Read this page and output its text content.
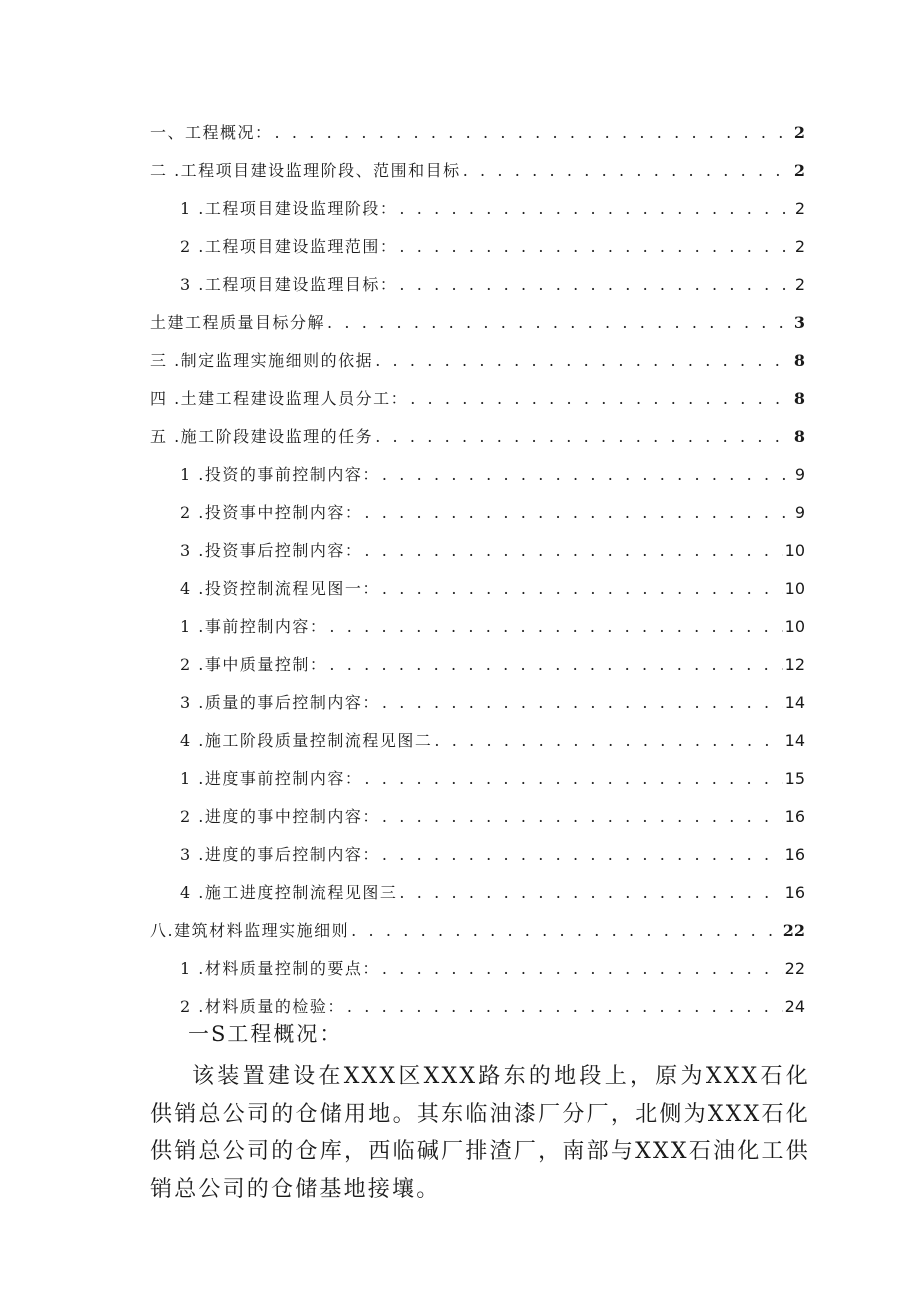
一、工程概况： . . .	2
二 .工程项目建设监理阶段、范围和目标 . . .	2
1 .工程项目建设监理阶段： . . .	2
2 .工程项目建设监理范围： . . .	2
3 .工程项目建设监理目标： . . .	2
土建工程质量目标分解 . . .	3
三 .制定监理实施细则的依据 . . .	8
四 .土建工程建设监理人员分工： . . .	8
五 .施工阶段建设监理的任务 . . .	8
1 .投资的事前控制内容： . . .	9
2 .投资事中控制内容： . . .	9
3 .投资事后控制内容： . . .	10
4 .投资控制流程见图一： . . .	10
1 .事前控制内容： . . .	10
2 .事中质量控制： . . .	12
3 .质量的事后控制内容： . . .	14
4 .施工阶段质量控制流程见图二 . . .	14
1 .进度事前控制内容： . . .	15
2 .进度的事中控制内容： . . .	16
3 .进度的事后控制内容： . . .	16
4 .施工进度控制流程见图三 . . .	16
八.建筑材料监理实施细则 . . .	22
1 .材料质量控制的要点： . . .	22
2 .材料质量的检验： . . .	24
一S工程概况：

该装置建设在XXX区XXX路东的地段上，原为XXX石化供销总公司的仓储用地。其东临油漆厂分厂，北侧为XXX石化供销总公司的仓库，西临碱厂排渣厂，南部与XXX石油化工供销总公司的仓储基地接壤。
